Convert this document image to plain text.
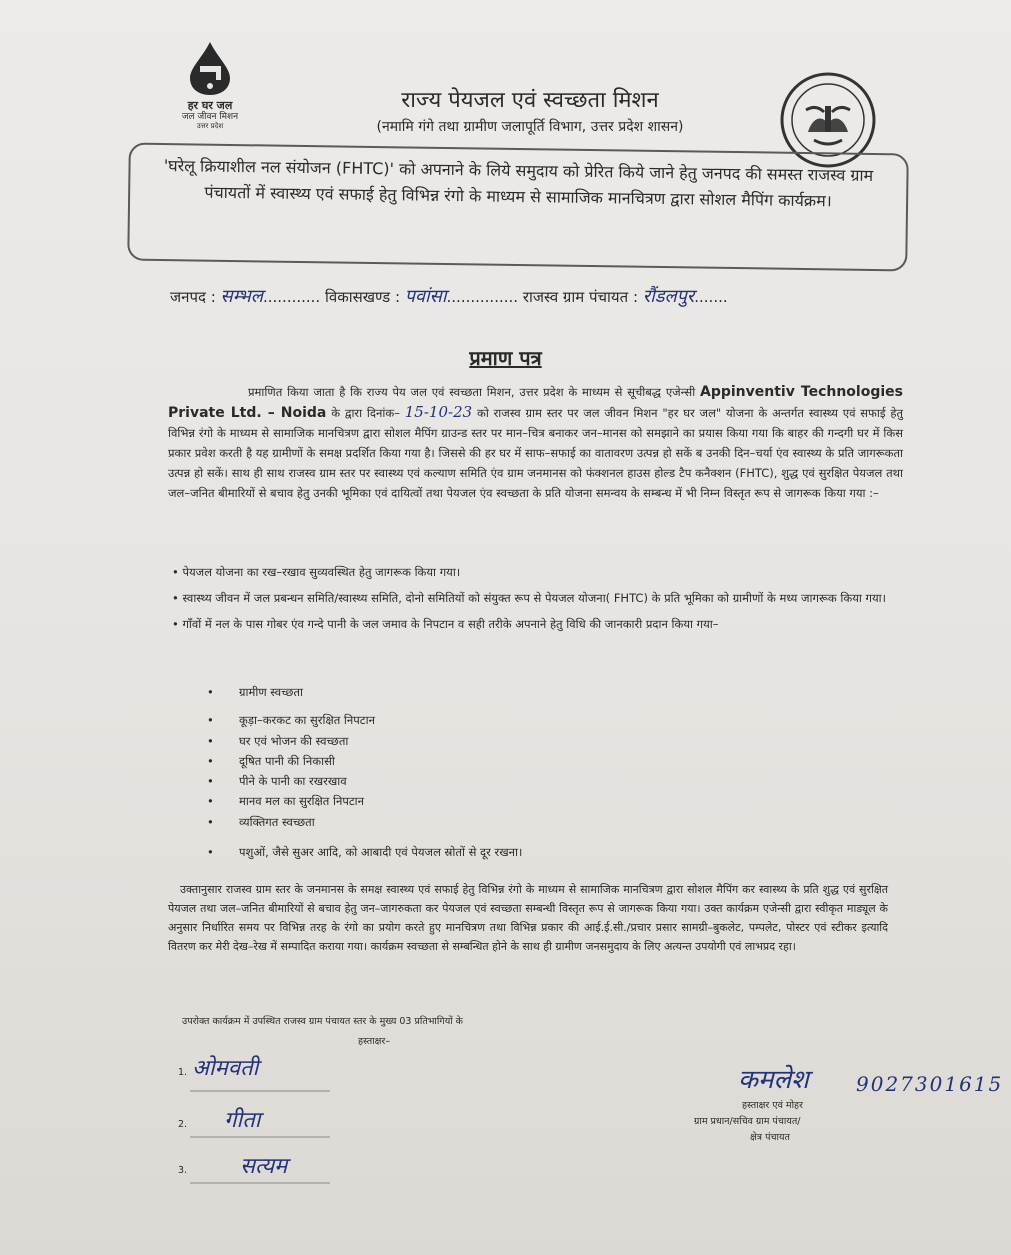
हर घर जल
जल जीवन मिशन
उत्तर प्रदेश
राज्य पेयजल एवं स्वच्छता मिशन
(नमामि गंगे तथा ग्रामीण जलापूर्ति विभाग, उत्तर प्रदेश शासन)
'घरेलू क्रियाशील नल संयोजन (FHTC)' को अपनाने के लिये समुदाय को प्रेरित किये जाने हेतु जनपद की समस्त राजस्व ग्राम पंचायतों में स्वास्थ्य एवं सफाई हेतु विभिन्न रंगो के माध्यम से सामाजिक मानचित्रण द्वारा सोशल मैपिंग कार्यक्रम।
जनपद : सम्भल............ विकासखण्ड : पवांसा............... राजस्व ग्राम पंचायत : रौंडलपुर.......
प्रमाण पत्र
प्रमाणित किया जाता है कि राज्य पेय जल एवं स्वच्छता मिशन, उत्तर प्रदेश के माध्यम से सूचीबद्ध एजेन्सी Appinventiv Technologies Private Ltd. – Noida के द्वारा दिनांक– 15-10-23 को राजस्व ग्राम स्तर पर जल जीवन मिशन "हर घर जल" योजना के अन्तर्गत स्वास्थ्य एवं सफाई हेतु विभिन्न रंगो के माध्यम से सामाजिक मानचित्रण द्वारा सोशल मैपिंग ग्राउन्ड स्तर पर मान–चित्र बनाकर जन–मानस को समझाने का प्रयास किया गया कि बाहर की गन्दगी घर में किस प्रकार प्रवेश करती है यह ग्रामीणों के समक्ष प्रदर्शित किया गया है। जिससे की हर घर में साफ–सफाई का वातावरण उत्पन्न हो सकें ब उनकी दिन–चर्या एंव स्वास्थ्य के प्रति जागरूकता उत्पन्न हो सकें। साथ ही साथ राजस्व ग्राम स्तर पर स्वास्थ्य एवं कल्याण समिति एंव ग्राम जनमानस को फंक्शनल हाउस होल्ड टैप कनैक्शन (FHTC), शुद्ध एवं सुरक्षित पेयजल तथा जल–जनित बीमारियों से बचाव हेतु उनकी भूमिका एवं दायित्वों तथा पेयजल एंव स्वच्छता के प्रति योजना समन्वय के सम्बन्ध में भी निम्न विस्तृत रूप से जागरूक किया गया :–
• पेयजल योजना का रख–रखाव सुव्यवस्थित हेतु जागरूक किया गया।
• स्वास्थ्य जीवन में जल प्रबन्धन समिति/स्वास्थ्य समिति, दोनो समितियों को संयुक्त रूप से पेयजल योजना( FHTC) के प्रति भूमिका को ग्रामीणों के मध्य जागरूक किया गया।
• गाँवों में नल के पास गोबर एंव गन्दे पानी के जल जमाव के निपटान व सही तरीके अपनाने हेतु विधि की जानकारी प्रदान किया गया–
• ग्रामीण स्वच्छता
• कूड़ा–करकट का सुरक्षित निपटान
• घर एवं भोजन की स्वच्छता
• दूषित पानी की निकासी
• पीने के पानी का रखरखाव
• मानव मल का सुरक्षित निपटान
• व्यक्तिगत स्वच्छता
• पशुओं, जैसे सुअर आदि, को आबादी एवं पेयजल स्रोतों से दूर रखना।
उक्तानुसार राजस्व ग्राम स्तर के जनमानस के समक्ष स्वास्थ्य एवं सफाई हेतु विभिन्न रंगो के माध्यम से सामाजिक मानचित्रण द्वारा सोशल मैपिंग कर स्वास्थ्य के प्रति शुद्ध एवं सुरक्षित पेयजल तथा जल–जनित बीमारियों से बचाव हेतु जन–जागरुकता कर पेयजल एवं स्वच्छता सम्बन्धी विस्तृत रूप से जागरूक किया गया। उक्त कार्यक्रम एजेन्सी द्वारा स्वीकृत माड्यूल के अनुसार निर्धारित समय पर विभिन्न तरह के रंगो का प्रयोग करते हुए मानचित्रण तथा विभिन्न प्रकार की आई.ई.सी./प्रचार प्रसार सामग्री–बुकलेट, पम्पलेट, पोस्टर एवं स्टीकर इत्यादि वितरण कर मेरी देख–रेख में सम्पादित कराया गया। कार्यक्रम स्वच्छता से सम्बन्धित होने के साथ ही ग्रामीण जनसमुदाय के लिए अत्यन्त उपयोगी एवं लाभप्रद रहा।
उपरोक्त कार्यक्रम में उपस्थित राजस्व ग्राम पंचायत स्तर के मुख्य 03 प्रतिभागियों के
हस्ताक्षर–
1. ओमवती
2. गीता
3. सत्यम
कमलेश 9027301615
हस्ताक्षर एवं मोहर
ग्राम प्रधान/सचिव ग्राम पंचायत/
क्षेत्र पंचायत
